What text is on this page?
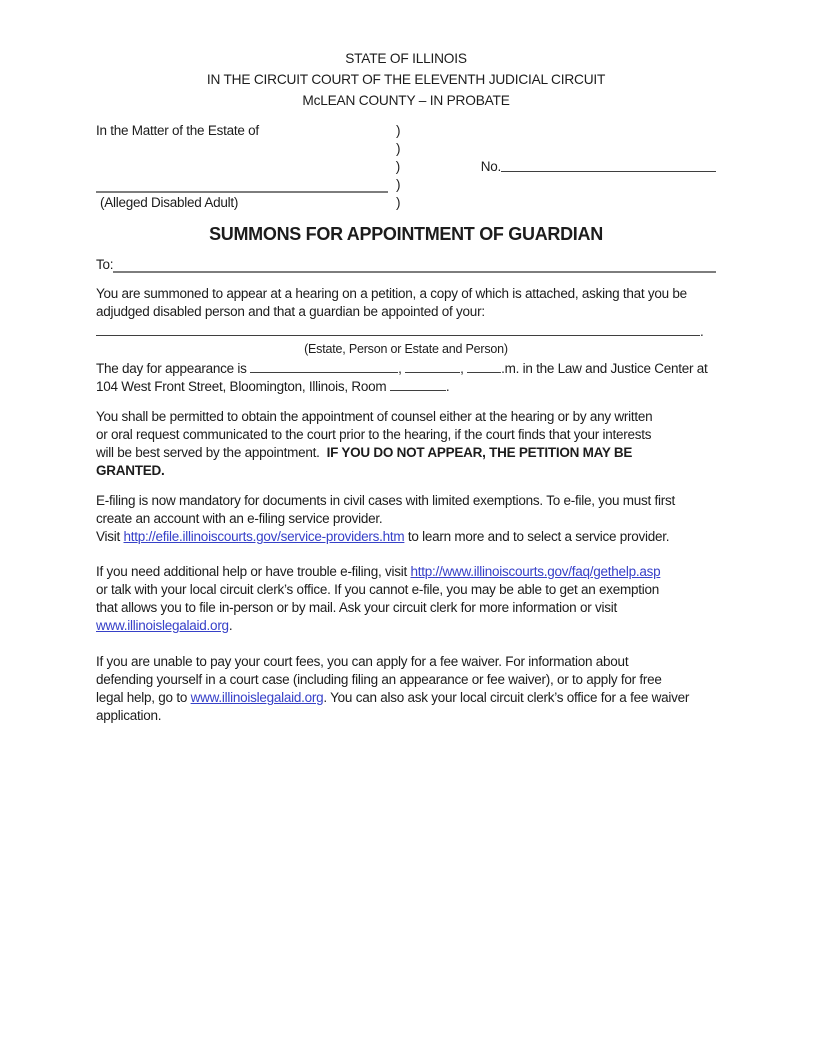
STATE OF ILLINOIS
IN THE CIRCUIT COURT OF THE ELEVENTH JUDICIAL CIRCUIT
McLEAN COUNTY – IN PROBATE
In the Matter of the Estate of	)
)
)	No.
)
(Alleged Disabled Adult)	)
SUMMONS FOR APPOINTMENT OF GUARDIAN
To:
You are summoned to appear at a hearing on a petition, a copy of which is attached, asking that you be
adjudged disabled person and that a guardian be appointed of your:
.
(Estate, Person or Estate and Person)
The day for appearance is	,	,	.m. in the Law and Justice Center at
104 West Front Street, Bloomington, Illinois, Room	.
You shall be permitted to obtain the appointment of counsel either at the hearing or by any written
or oral request communicated to the court prior to the hearing, if the court finds that your interests
will be best served by the appointment.  IF YOU DO NOT APPEAR, THE PETITION MAY BE
GRANTED.
E-filing is now mandatory for documents in civil cases with limited exemptions. To e-file, you must first
create an account with an e-filing service provider.
Visit http://efile.illinoiscourts.gov/service-providers.htm to learn more and to select a service provider.
If you need additional help or have trouble e-filing, visit http://www.illinoiscourts.gov/faq/gethelp.asp
or talk with your local circuit clerk’s office. If you cannot e-file, you may be able to get an exemption
that allows you to file in-person or by mail. Ask your circuit clerk for more information or visit
www.illinoislegalaid.org.
If you are unable to pay your court fees, you can apply for a fee waiver. For information about
defending yourself in a court case (including filing an appearance or fee waiver), or to apply for free
legal help, go to www.illinoislegalaid.org. You can also ask your local circuit clerk’s office for a fee waiver
application.
